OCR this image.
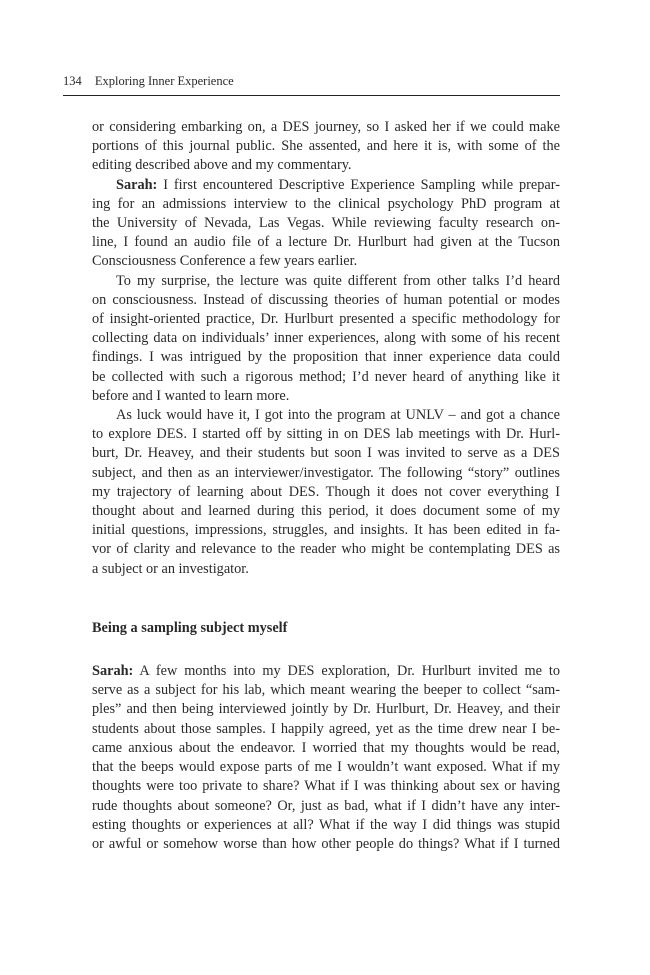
134 Exploring Inner Experience

or considering embarking on, a DES journey, so I asked her if we could make
portions of this journal public. She assented, and here it is, with some of the
editing described above and my commentary.

Sarah: I first encountered Descriptive Experience Sampling while prepar-
ing for an admissions interview to the clinical psychology PhD program at
the University of Nevada, Las Vegas. While reviewing faculty research on-
line, I found an audio file of a lecture Dr. Hurlburt had given at the Tucson
Consciousness Conference a few years earlier.

To my surprise, the lecture was quite different from other talks I’d heard
on consciousness. Instead of discussing theories of human potential or modes
of insight-oriented practice, Dr. Hurlburt presented a specific methodology for
collecting data on individuals’ inner experiences, along with some of his recent
findings. I was intrigued by the proposition that inner experience data could
be collected with such a rigorous method; I’d never heard of anything like it
before and I wanted to learn more.

As luck would have it, I got into the program at UNLV – and got a chance
to explore DES. I started off by sitting in on DES lab meetings with Dr. Hurl-
burt, Dr. Heavey, and their students but soon I was invited to serve as a DES
subject, and then as an interviewer/investigator. The following “story” outlines
my trajectory of learning about DES. Though it does not cover everything I
thought about and learned during this period, it does document some of my
initial questions, impressions, struggles, and insights. It has been edited in fa-
vor of clarity and relevance to the reader who might be contemplating DES as
a subject or an investigator.

Being a sampling subject myself

Sarah: A few months into my DES exploration, Dr. Hurlburt invited me to
serve as a subject for his lab, which meant wearing the beeper to collect “sam-
ples” and then being interviewed jointly by Dr. Hurlburt, Dr. Heavey, and their
students about those samples. I happily agreed, yet as the time drew near I be-
came anxious about the endeavor. I worried that my thoughts would be read,
that the beeps would expose parts of me I wouldn’t want exposed. What if my
thoughts were too private to share? What if I was thinking about sex or having
rude thoughts about someone? Or, just as bad, what if I didn’t have any inter-
esting thoughts or experiences at all? What if the way I did things was stupid
or awful or somehow worse than how other people do things? What if I turned
